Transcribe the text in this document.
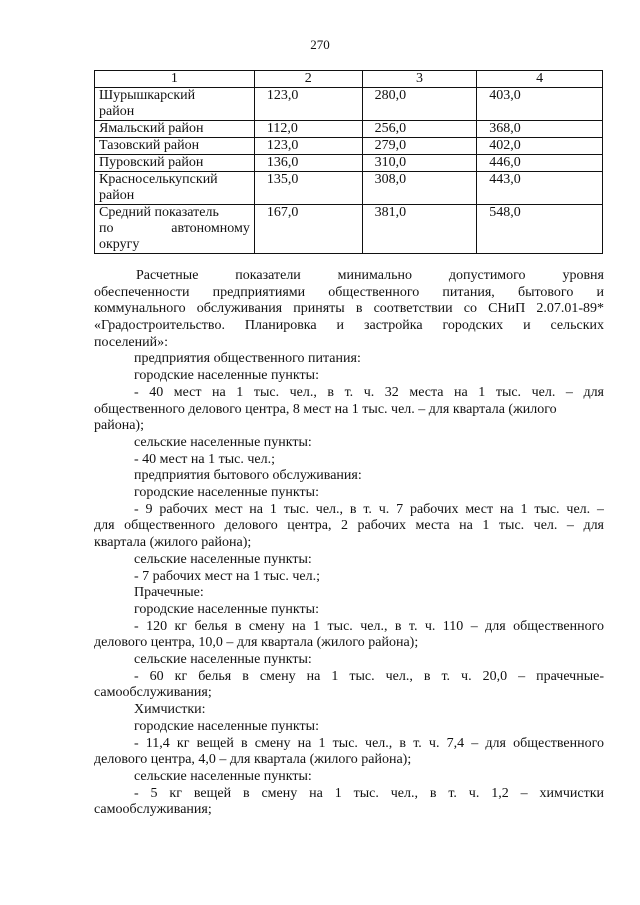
270
1	2	3	4

Шурышкарский
район	123,0	280,0	403,0

Ямальский район	112,0	256,0	368,0

Тазовский район	123,0	279,0	402,0

Пуровский район	136,0	310,0	446,0

Красноселькупский
район	135,0	308,0	443,0

Средний показатель
по автономному
округу	167,0	381,0	548,0
Расчетные показатели минимально допустимого уровня
обеспеченности предприятиями общественного питания, бытового и
коммунального обслуживания приняты в соответствии со СНиП 2.07.01-89*
«Градостроительство. Планировка и застройка городских и сельских
поселений»:
предприятия общественного питания:
городские населенные пункты:
- 40 мест на 1 тыс. чел., в т. ч. 32 места на 1 тыс. чел. – для
общественного делового центра, 8 мест на 1 тыс. чел. – для квартала (жилого
района);
сельские населенные пункты:
- 40 мест на 1 тыс. чел.;
предприятия бытового обслуживания:
городские населенные пункты:
- 9 рабочих мест на 1 тыс. чел., в т. ч. 7 рабочих мест на 1 тыс. чел. –
для общественного делового центра, 2 рабочих места на 1 тыс. чел. – для
квартала (жилого района);
сельские населенные пункты:
- 7 рабочих мест на 1 тыс. чел.;
Прачечные:
городские населенные пункты:
- 120 кг белья в смену на 1 тыс. чел., в т. ч. 110 – для общественного
делового центра, 10,0 – для квартала (жилого района);
сельские населенные пункты:
- 60 кг белья в смену на 1 тыс. чел., в т. ч. 20,0 – прачечные-
самообслуживания;
Химчистки:
городские населенные пункты:
- 11,4 кг вещей в смену на 1 тыс. чел., в т. ч. 7,4 – для общественного
делового центра, 4,0 – для квартала (жилого района);
сельские населенные пункты:
- 5 кг вещей в смену на 1 тыс. чел., в т. ч. 1,2 – химчистки
самообслуживания;
